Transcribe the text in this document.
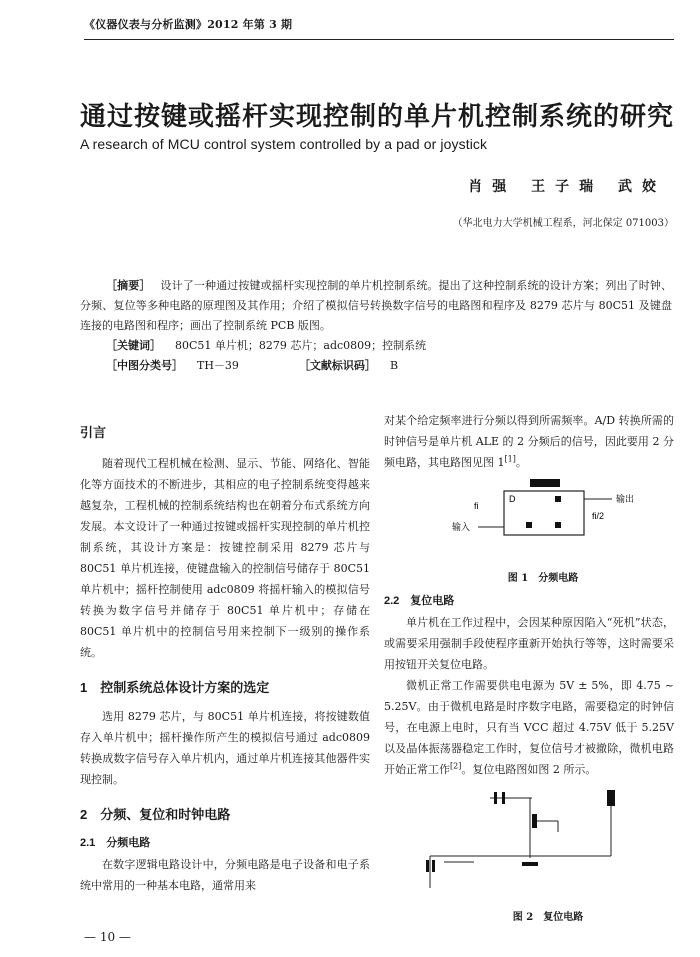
《仪器仪表与分析监测》2012 年第 3 期
通过按键或摇杆实现控制的单片机控制系统的研究
A research of MCU control system controlled by a pad or joystick
肖强 王子瑞 武姣
（华北电力大学机械工程系，河北保定 071003）
［摘要］ 设计了一种通过按键或摇杆实现控制的单片机控制系统。提出了这种控制系统的设计方案；列出了时钟、分频、复位等多种电路的原理图及其作用；介绍了模拟信号转换数字信号的电路图和程序及 8279 芯片与 80C51 及键盘连接的电路图和程序；画出了控制系统 PCB 版图。
［关键词］ 80C51 单片机；8279 芯片；adc0809；控制系统
［中图分类号］ TH－39	［文献标识码］ B
引言
随着现代工程机械在检测、显示、节能、网络化、智能化等方面技术的不断进步，其相应的电子控制系统变得越来越复杂，工程机械的控制系统结构也在朝着分布式系统方向发展。本文设计了一种通过按键或摇杆实现控制的单片机控制系统，其设计方案是：按键控制采用 8279 芯片与 80C51 单片机连接，使键盘输入的控制信号储存于 80C51 单片机中；摇杆控制使用 adc0809 将摇杆输入的模拟信号转换为数字信号并储存于 80C51 单片机中；存储在 80C51 单片机中的控制信号用来控制下一级别的操作系统。
1　控制系统总体设计方案的选定
选用 8279 芯片，与 80C51 单片机连接，将按键数值存入单片机中；摇杆操作所产生的模拟信号通过 adc0809 转换成数字信号存入单片机内，通过单片机连接其他器件实现控制。
2　分频、复位和时钟电路
2.1　分频电路
在数字逻辑电路设计中，分频电路是电子设备和电子系统中常用的一种基本电路，通常用来
对某个给定频率进行分频以得到所需频率。A/D 转换所需的时钟信号是单片机 ALE 的 2 分频后的信号，因此要用 2 分频电路，其电路图见图 1[1]。
D	输出
fi/2
fi
输入
图 1　分频电路
2.2　复位电路
单片机在工作过程中，会因某种原因陷入“死机”状态，或需要采用强制手段使程序重新开始执行等等，这时需要采用按钮开关复位电路。
微机正常工作需要供电电源为 5V ± 5%，即 4.75 ~ 5.25V。由于微机电路是时序数字电路，需要稳定的时钟信号，在电源上电时，只有当 VCC 超过 4.75V 低于 5.25V 以及晶体振荡器稳定工作时，复位信号才被撤除，微机电路开始正常工作[2]。复位电路图如图 2 所示。
图 2　复位电路
— 10 —
